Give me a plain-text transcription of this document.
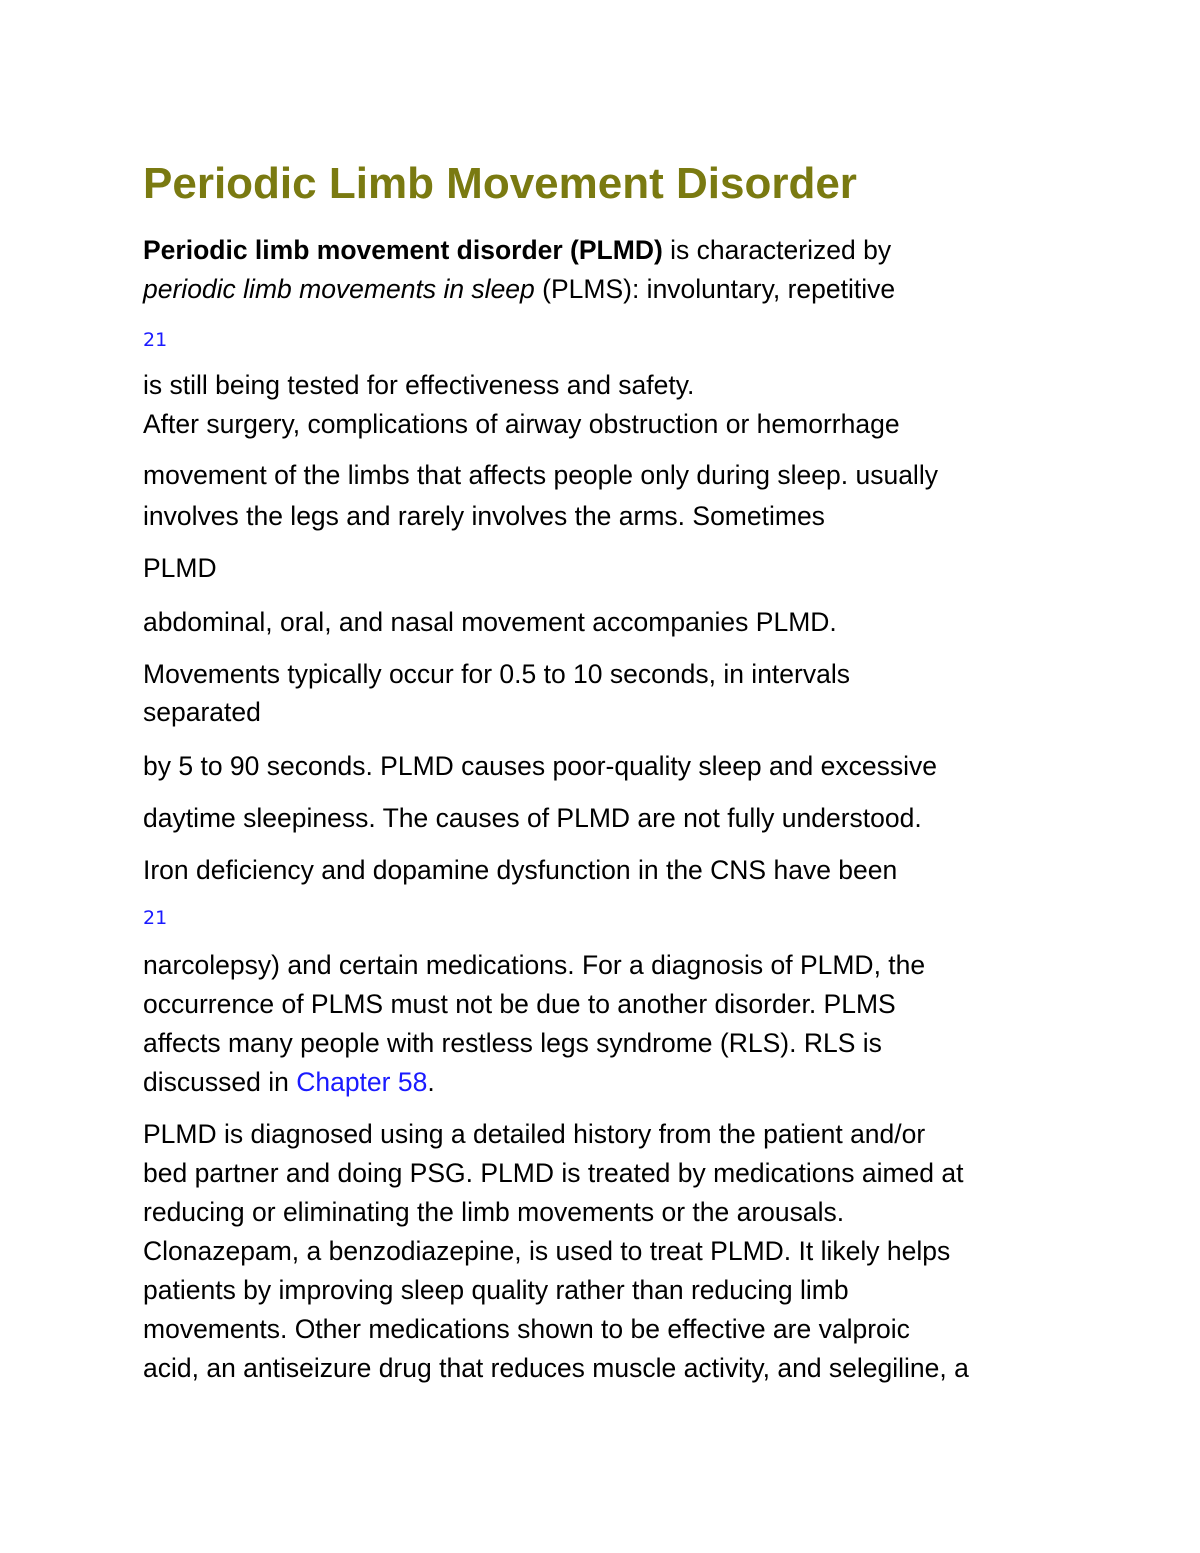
Periodic Limb Movement Disorder

Periodic limb movement disorder (PLMD) is characterized by

periodic limb movements in sleep (PLMS): involuntary, repetitive

21

is still being tested for effectiveness and safety.

After surgery, complications of airway obstruction or hemorrhage

movement of the limbs that affects people only during sleep. usually

involves the legs and rarely involves the arms. Sometimes

PLMD

abdominal, oral, and nasal movement accompanies PLMD.

Movements typically occur for 0.5 to 10 seconds, in intervals

separated

by 5 to 90 seconds. PLMD causes poor-quality sleep and excessive

daytime sleepiness. The causes of PLMD are not fully understood.

Iron deficiency and dopamine dysfunction in the CNS have been

21

narcolepsy) and certain medications. For a diagnosis of PLMD, the

occurrence of PLMS must not be due to another disorder. PLMS

affects many people with restless legs syndrome (RLS). RLS is

discussed in Chapter 58.

PLMD is diagnosed using a detailed history from the patient and/or

bed partner and doing PSG. PLMD is treated by medications aimed at

reducing or eliminating the limb movements or the arousals.

Clonazepam, a benzodiazepine, is used to treat PLMD. It likely helps

patients by improving sleep quality rather than reducing limb

movements. Other medications shown to be effective are valproic

acid, an antiseizure drug that reduces muscle activity, and selegiline, a
